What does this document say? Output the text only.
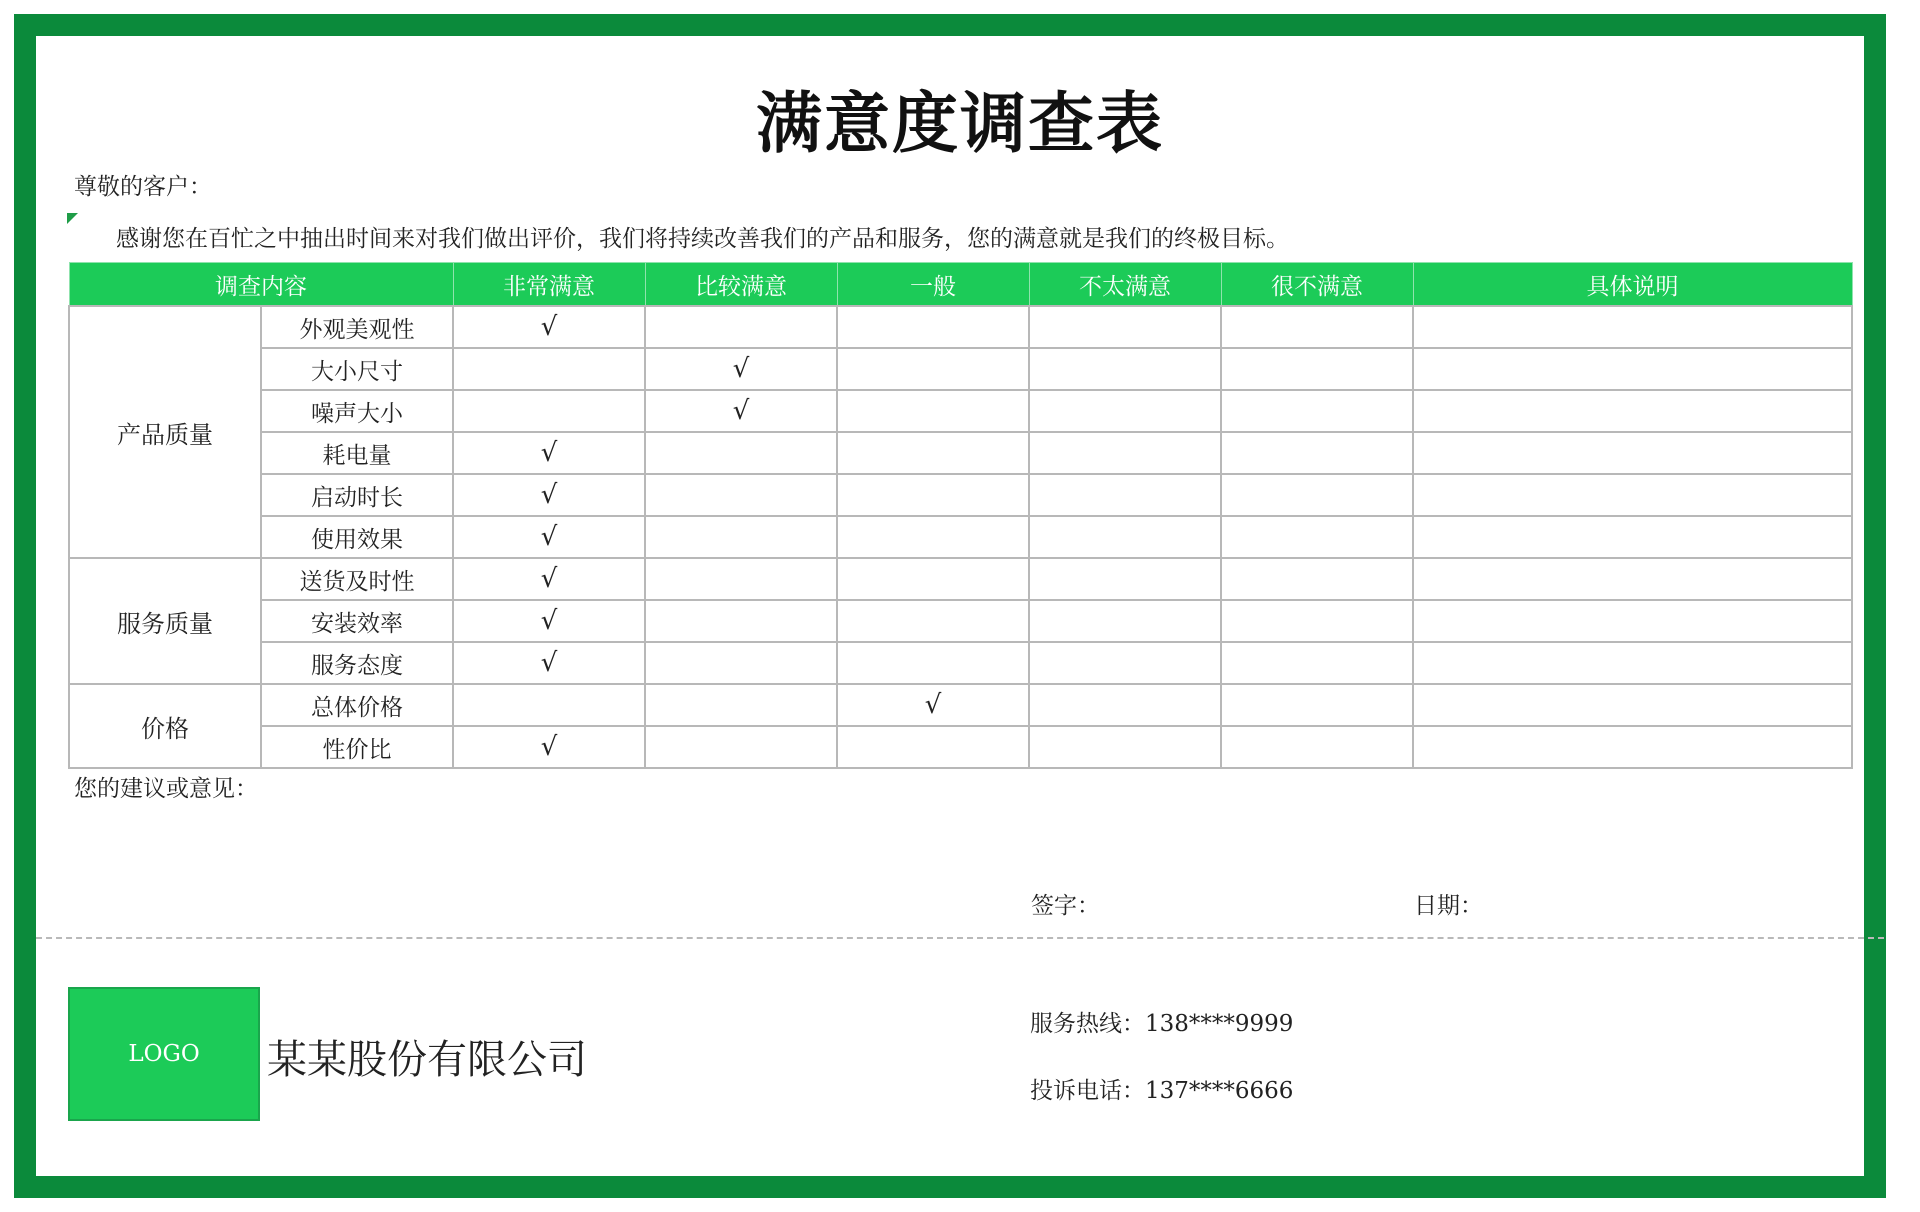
满意度调查表
尊敬的客户：
感谢您在百忙之中抽出时间来对我们做出评价，我们将持续改善我们的产品和服务，您的满意就是我们的终极目标。
调查内容		非常满意	比较满意	一般	不太满意	很不满意	具体说明
产品质量	外观美观性	√					
	大小尺寸		√				
	噪声大小		√				
	耗电量	√					
	启动时长	√					
	使用效果	√					
服务质量	送货及时性	√					
	安装效率	√					
	服务态度	√					
价格	总体价格			√			
	性价比	√					
您的建议或意见：
签字：	日期：
LOGO 某某股份有限公司
服务热线：138****9999
投诉电话：137****6666
